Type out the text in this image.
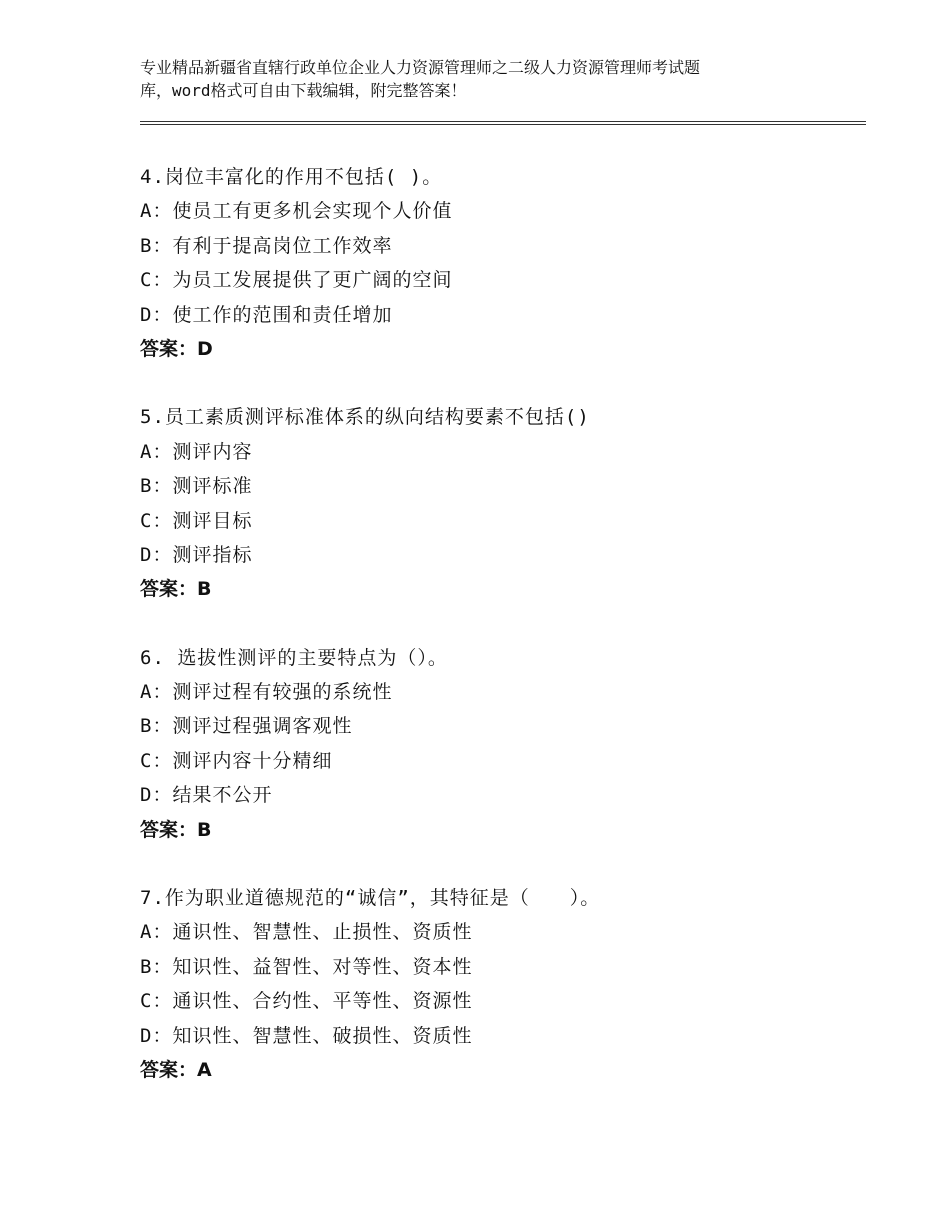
专业精品新疆省直辖行政单位企业人力资源管理师之二级人力资源管理师考试题
库，word格式可自由下载编辑，附完整答案！
4.岗位丰富化的作用不包括( )。
A：使员工有更多机会实现个人价值
B：有利于提高岗位工作效率
C：为员工发展提供了更广阔的空间
D：使工作的范围和责任增加
答案：D
5.员工素质测评标准体系的纵向结构要素不包括()
A：测评内容
B：测评标准
C：测评目标
D：测评指标
答案：B
6. 选拔性测评的主要特点为（）。
A：测评过程有较强的系统性
B：测评过程强调客观性
C：测评内容十分精细
D：结果不公开
答案：B
7.作为职业道德规范的“诚信”，其特征是（　　）。
A：通识性、智慧性、止损性、资质性
B：知识性、益智性、对等性、资本性
C：通识性、合约性、平等性、资源性
D：知识性、智慧性、破损性、资质性
答案：A
